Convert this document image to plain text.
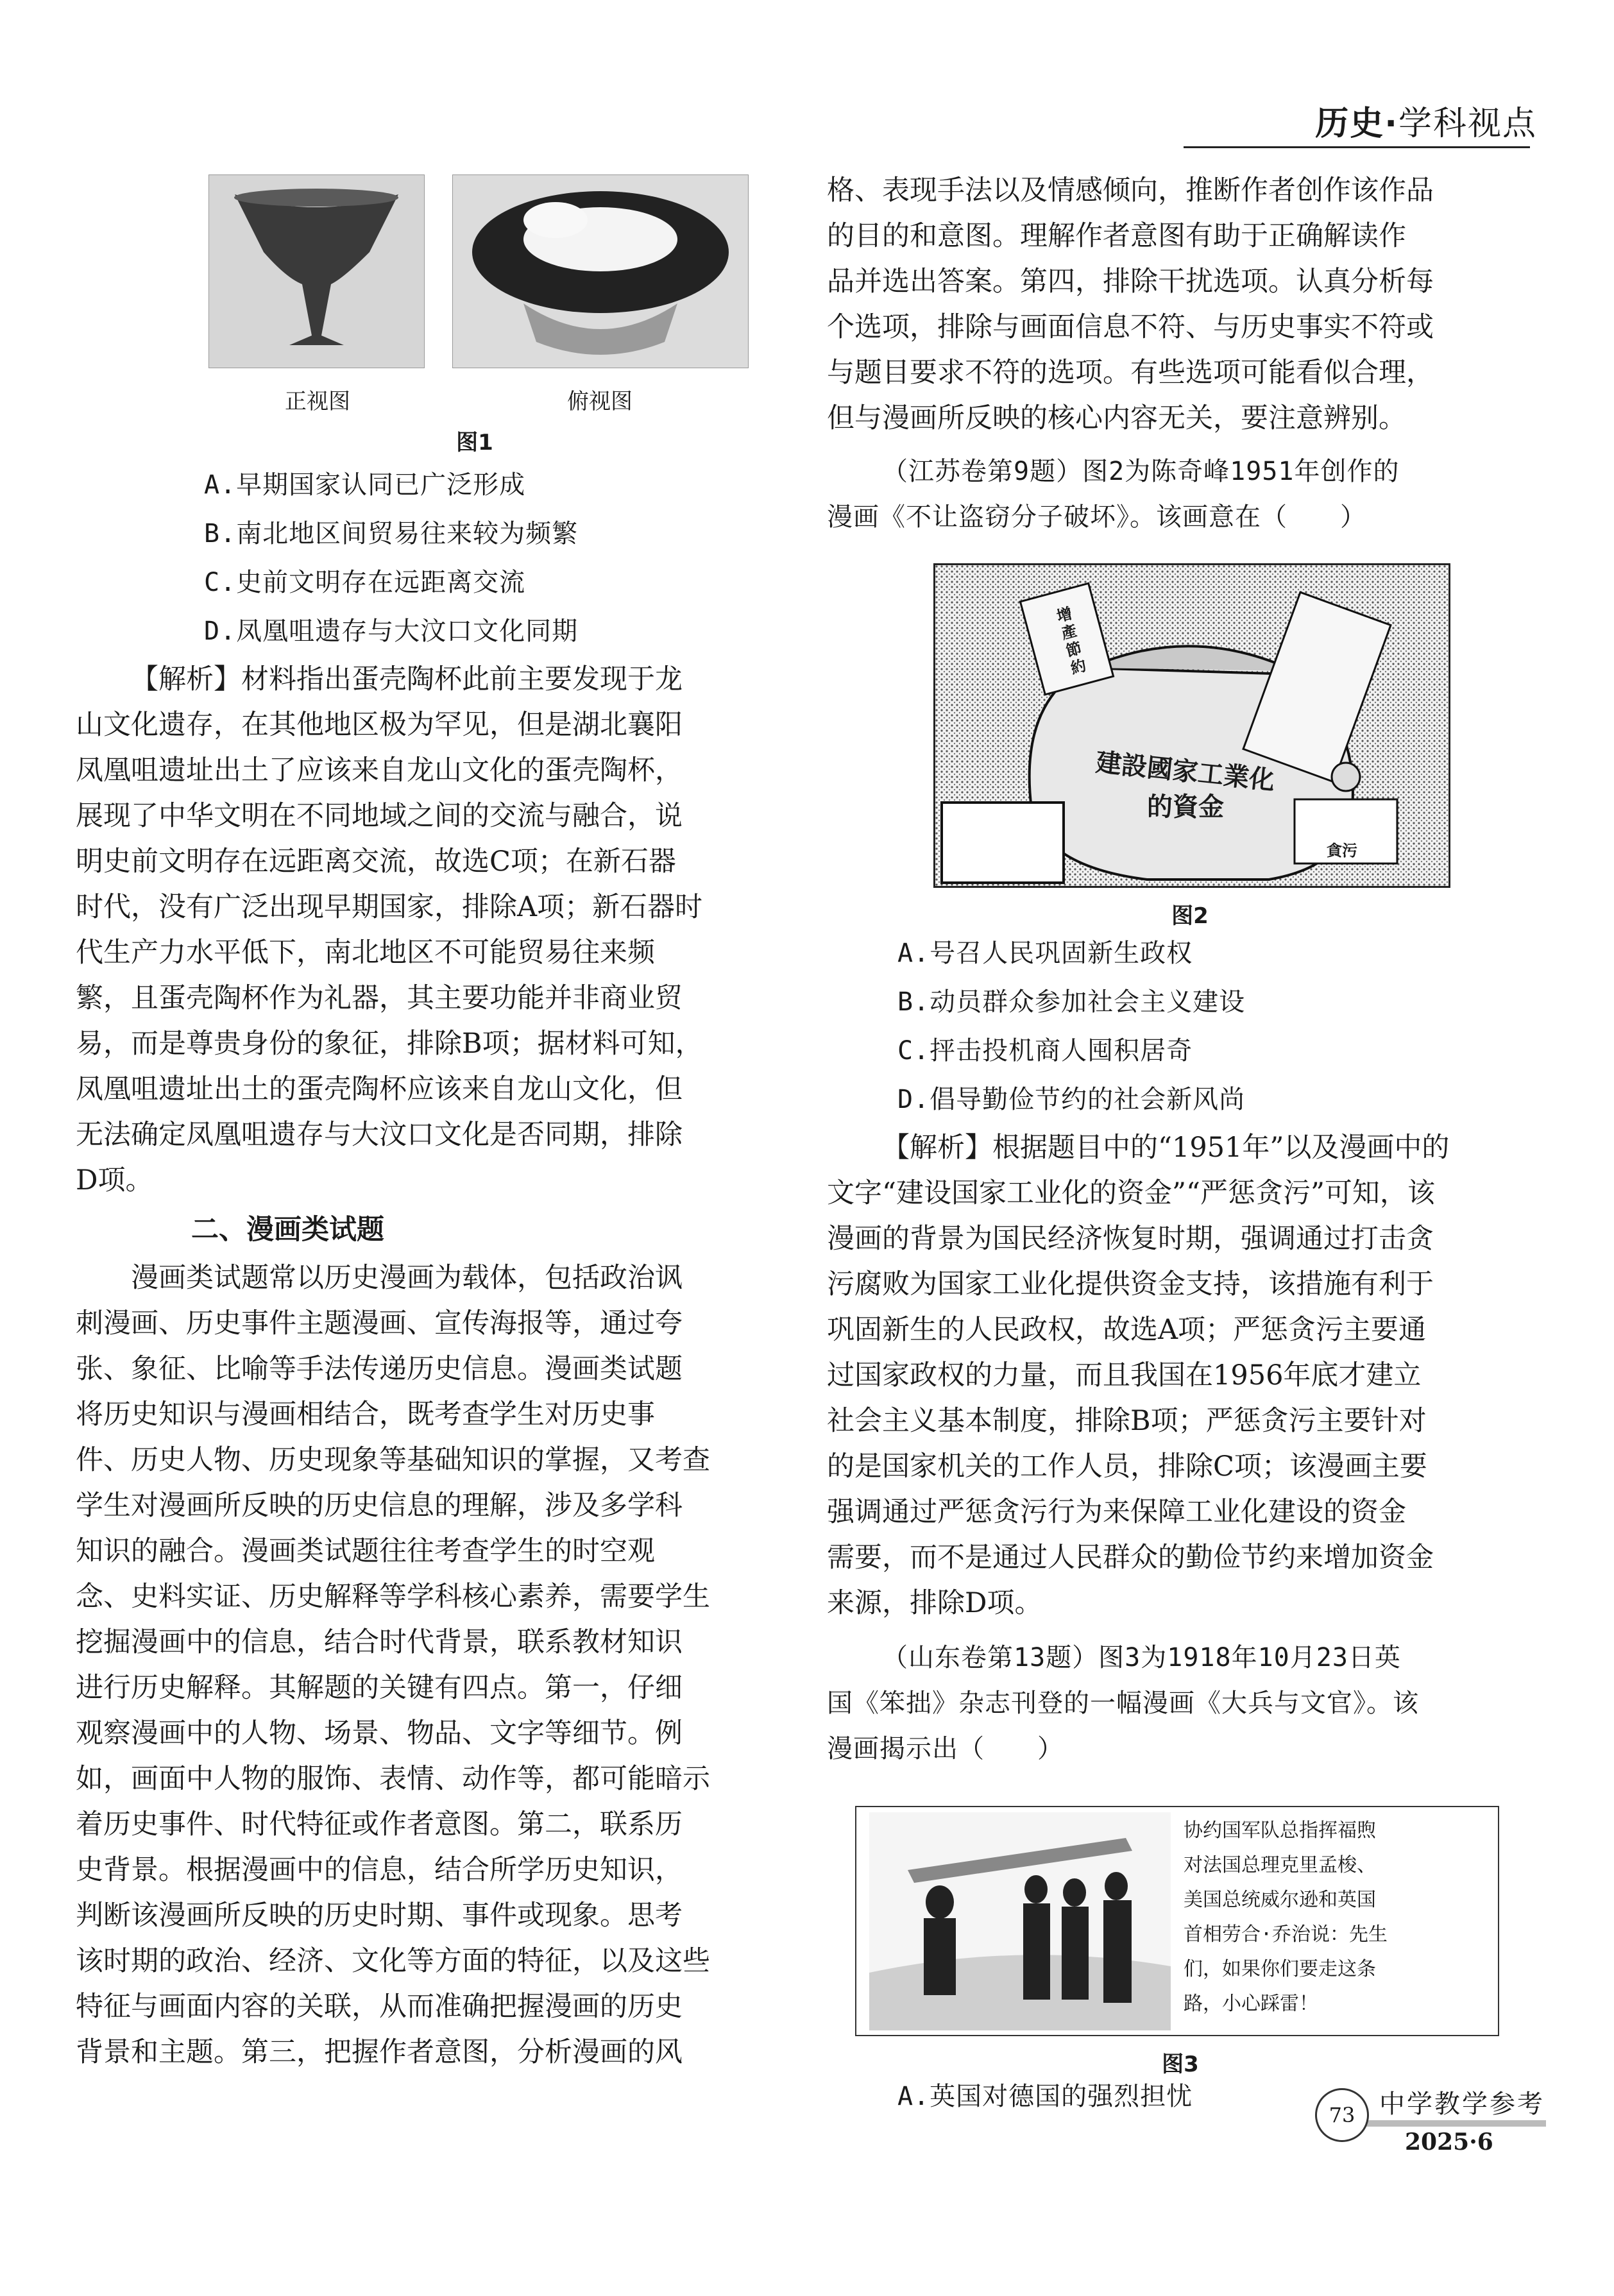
历史·学科视点
正视图	俯视图
图1
A.早期国家认同已广泛形成
B.南北地区间贸易往来较为频繁
C.史前文明存在远距离交流
D.凤凰咀遗存与大汶口文化同期

【解析】材料指出蛋壳陶杯此前主要发现于龙

山文化遗存，在其他地区极为罕见，但是湖北襄阳

凤凰咀遗址出土了应该来自龙山文化的蛋壳陶杯，

展现了中华文明在不同地域之间的交流与融合，说

明史前文明存在远距离交流，故选C项；在新石器

时代，没有广泛出现早期国家，排除A项；新石器时

代生产力水平低下，南北地区不可能贸易往来频

繁，且蛋壳陶杯作为礼器，其主要功能并非商业贸

易，而是尊贵身份的象征，排除B项；据材料可知，

凤凰咀遗址出土的蛋壳陶杯应该来自龙山文化，但

无法确定凤凰咀遗存与大汶口文化是否同期，排除

D项。

二、漫画类试题

漫画类试题常以历史漫画为载体，包括政治讽

刺漫画、历史事件主题漫画、宣传海报等，通过夸

张、象征、比喻等手法传递历史信息。漫画类试题

将历史知识与漫画相结合，既考查学生对历史事

件、历史人物、历史现象等基础知识的掌握，又考查

学生对漫画所反映的历史信息的理解，涉及多学科

知识的融合。漫画类试题往往考查学生的时空观

念、史料实证、历史解释等学科核心素养，需要学生

挖掘漫画中的信息，结合时代背景，联系教材知识

进行历史解释。其解题的关键有四点。第一，仔细

观察漫画中的人物、场景、物品、文字等细节。例

如，画面中人物的服饰、表情、动作等，都可能暗示

着历史事件、时代特征或作者意图。第二，联系历

史背景。根据漫画中的信息，结合所学历史知识，

判断该漫画所反映的历史时期、事件或现象。思考

该时期的政治、经济、文化等方面的特征，以及这些

特征与画面内容的关联，从而准确把握漫画的历史

背景和主题。第三，把握作者意图，分析漫画的风

格、表现手法以及情感倾向，推断作者创作该作品

的目的和意图。理解作者意图有助于正确解读作

品并选出答案。第四，排除干扰选项。认真分析每

个选项，排除与画面信息不符、与历史事实不符或

与题目要求不符的选项。有些选项可能看似合理，

但与漫画所反映的核心内容无关，要注意辨别。

（江苏卷第9题）图2为陈奇峰1951年创作的

漫画《不让盗窃分子破坏》。该画意在（　　）

增產節約
建設國家工業化
的資金
貪污
图2
A.号召人民巩固新生政权
B.动员群众参加社会主义建设
C.抨击投机商人囤积居奇
D.倡导勤俭节约的社会新风尚

【解析】根据题目中的“1951年”以及漫画中的

文字“建设国家工业化的资金”“严惩贪污”可知，该

漫画的背景为国民经济恢复时期，强调通过打击贪

污腐败为国家工业化提供资金支持，该措施有利于

巩固新生的人民政权，故选A项；严惩贪污主要通

过国家政权的力量，而且我国在1956年底才建立

社会主义基本制度，排除B项；严惩贪污主要针对

的是国家机关的工作人员，排除C项；该漫画主要

强调通过严惩贪污行为来保障工业化建设的资金

需要，而不是通过人民群众的勤俭节约来增加资金

来源，排除D项。

（山东卷第13题）图3为1918年10月23日英

国《笨拙》杂志刊登的一幅漫画《大兵与文官》。该

漫画揭示出（　　）

协约国军队总指挥福煦
对法国总理克里孟梭、
美国总统威尔逊和英国
首相劳合·乔治说：先生
们，如果你们要走这条
路，小心踩雷！
图3
A.英国对德国的强烈担忧
73 中学教学参考
2025·6
